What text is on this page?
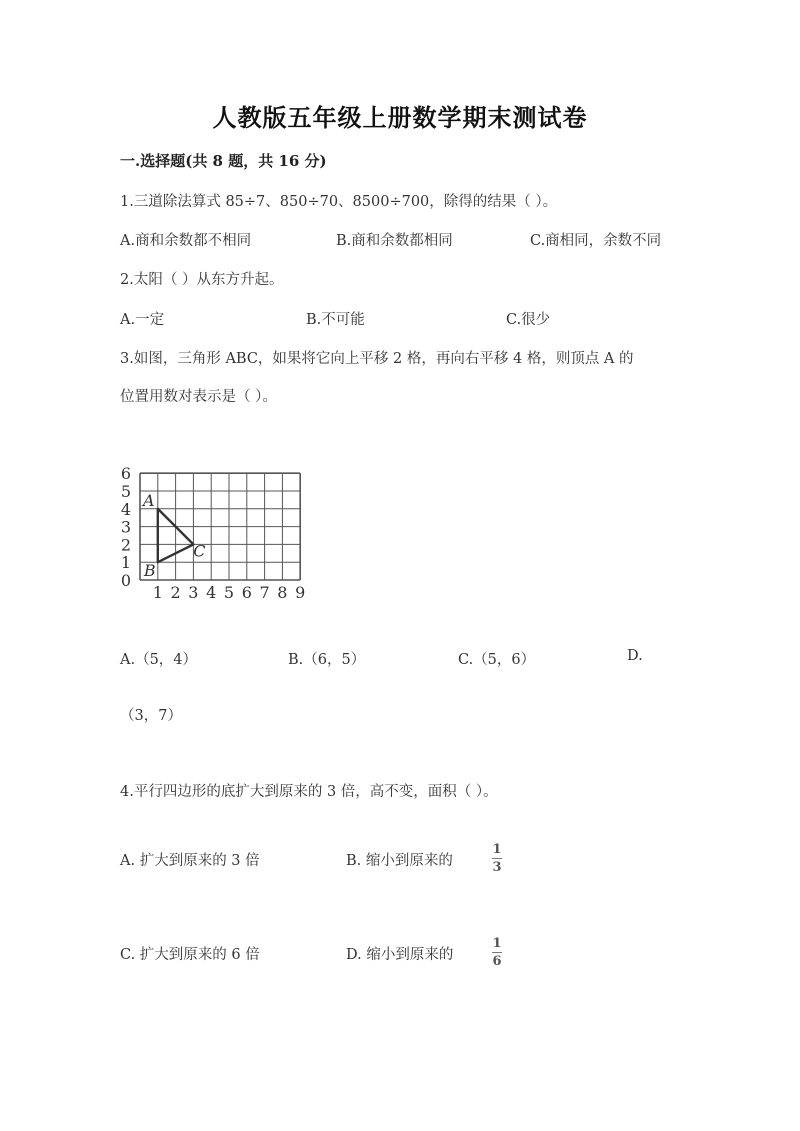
人教版五年级上册数学期末测试卷
一.选择题(共 8 题，共 16 分)
1.三道除法算式 85÷7、850÷70、8500÷700，除得的结果（ ）。
A.商和余数都不相同	B.商和余数都相同	C.商相同，余数不同
2.太阳（ ）从东方升起。
A.一定	B.不可能	C.很少
3.如图，三角形 ABC，如果将它向上平移 2 格，再向右平移 4 格，则顶点 A 的
位置用数对表示是（ ）。
0
1
2
3
4
5
6
1 2 3 4 5 6 7 8 9
A
B
C
A.（5，4）	B.（6，5）	C.（5，6）	D.
（3，7）
4.平行四边形的底扩大到原来的 3 倍，高不变，面积（ ）。
A. 扩大到原来的 3 倍	B. 缩小到原来的
1
3
C. 扩大到原来的 6 倍	D. 缩小到原来的
1
6
